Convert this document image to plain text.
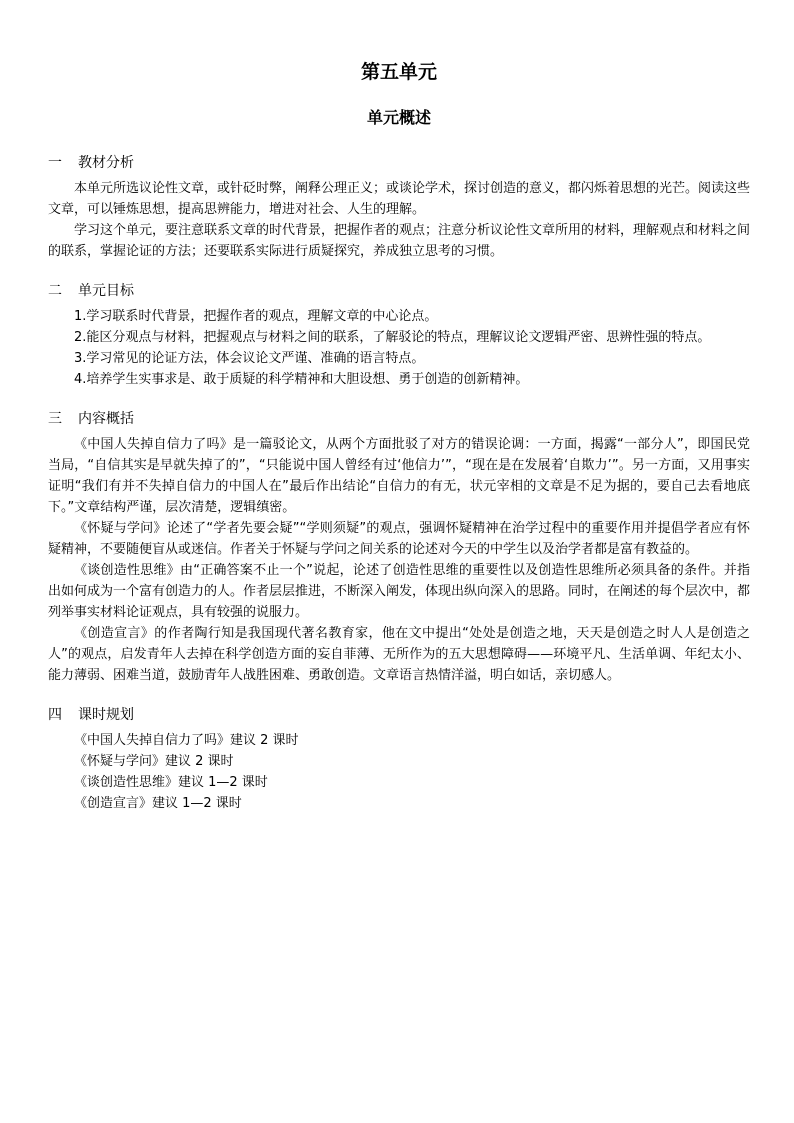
第五单元
单元概述
一 教材分析

本单元所选议论性文章，或针砭时弊，阐释公理正义；或谈论学术，探讨创造的意义，都闪烁着思想的光芒。阅读这些文章，可以锤炼思想，提高思辨能力，增进对社会、人生的理解。

学习这个单元，要注意联系文章的时代背景，把握作者的观点；注意分析议论性文章所用的材料，理解观点和材料之间的联系，掌握论证的方法；还要联系实际进行质疑探究，养成独立思考的习惯。

二 单元目标

1.学习联系时代背景，把握作者的观点，理解文章的中心论点。

2.能区分观点与材料，把握观点与材料之间的联系，了解驳论的特点，理解议论文逻辑严密、思辨性强的特点。

3.学习常见的论证方法，体会议论文严谨、准确的语言特点。

4.培养学生实事求是、敢于质疑的科学精神和大胆设想、勇于创造的创新精神。

三 内容概括

《中国人失掉自信力了吗》是一篇驳论文，从两个方面批驳了对方的错误论调：一方面，揭露“一部分人”，即国民党当局，“自信其实是早就失掉了的”，“只能说中国人曾经有过‘他信力’”，“现在是在发展着‘自欺力’”。另一方面，又用事实证明“我们有并不失掉自信力的中国人在”最后作出结论“自信力的有无，状元宰相的文章是不足为据的，要自己去看地底下。”文章结构严谨，层次清楚，逻辑缜密。

《怀疑与学问》论述了“学者先要会疑”“学则须疑”的观点，强调怀疑精神在治学过程中的重要作用并提倡学者应有怀疑精神，不要随便盲从或迷信。作者关于怀疑与学问之间关系的论述对今天的中学生以及治学者都是富有教益的。

《谈创造性思维》由“正确答案不止一个”说起，论述了创造性思维的重要性以及创造性思维所必须具备的条件。并指出如何成为一个富有创造力的人。作者层层推进，不断深入阐发，体现出纵向深入的思路。同时，在阐述的每个层次中，都列举事实材料论证观点，具有较强的说服力。

《创造宣言》的作者陶行知是我国现代著名教育家，他在文中提出“处处是创造之地，天天是创造之时人人是创造之人”的观点，启发青年人去掉在科学创造方面的妄自菲薄、无所作为的五大思想障碍——环境平凡、生活单调、年纪太小、能力薄弱、困难当道，鼓励青年人战胜困难、勇敢创造。文章语言热情洋溢，明白如话，亲切感人。

四 课时规划

《中国人失掉自信力了吗》建议 2 课时

《怀疑与学问》建议 2 课时

《谈创造性思维》建议 1—2 课时

《创造宣言》建议 1—2 课时
